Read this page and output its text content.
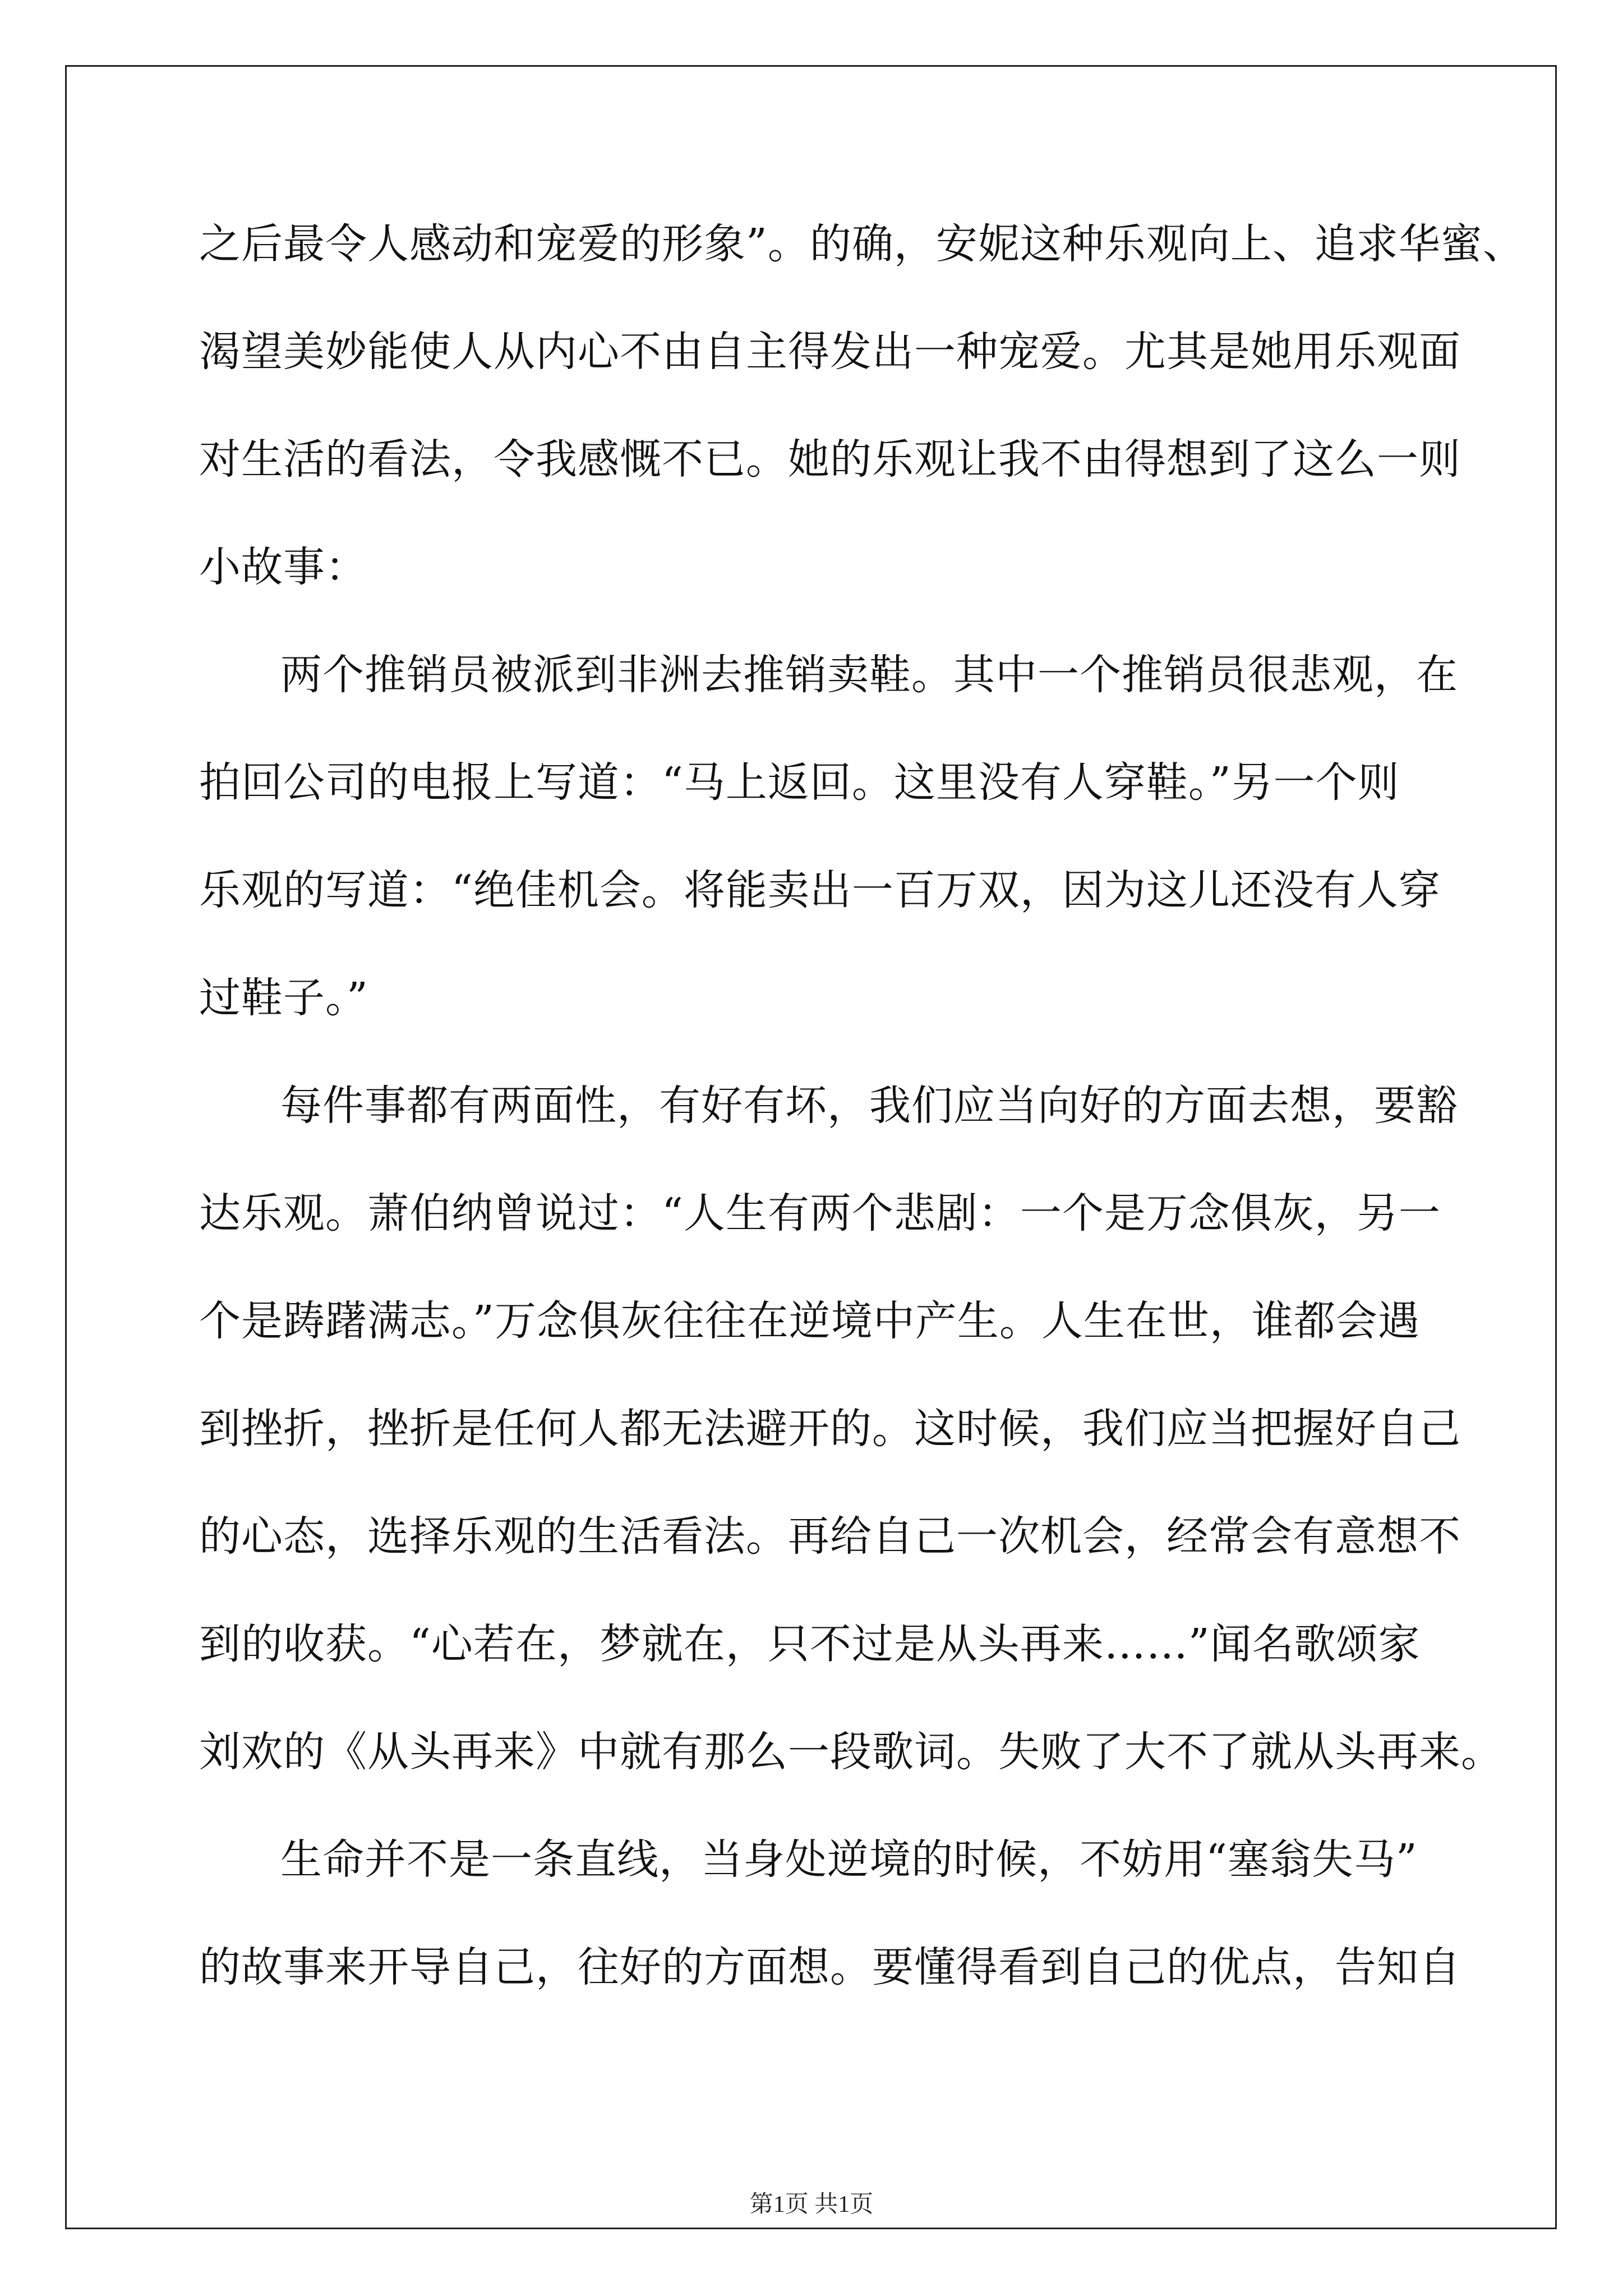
之后最令人感动和宠爱的形象”。的确，安妮这种乐观向上、追求华蜜、
渴望美妙能使人从内心不由自主得发出一种宠爱。尤其是她用乐观面
对生活的看法，令我感慨不已。她的乐观让我不由得想到了这么一则
小故事：
两个推销员被派到非洲去推销卖鞋。其中一个推销员很悲观，在
拍回公司的电报上写道：“马上返回。这里没有人穿鞋。”另一个则
乐观的写道：“绝佳机会。将能卖出一百万双，因为这儿还没有人穿
过鞋子。”
每件事都有两面性，有好有坏，我们应当向好的方面去想，要豁
达乐观。萧伯纳曾说过：“人生有两个悲剧：一个是万念俱灰，另一
个是踌躇满志。”万念俱灰往往在逆境中产生。人生在世，谁都会遇
到挫折，挫折是任何人都无法避开的。这时候，我们应当把握好自己
的心态，选择乐观的生活看法。再给自己一次机会，经常会有意想不
到的收获。“心若在，梦就在，只不过是从头再来……”闻名歌颂家
刘欢的《从头再来》中就有那么一段歌词。失败了大不了就从头再来。
生命并不是一条直线，当身处逆境的时候，不妨用“塞翁失马”
的故事来开导自己，往好的方面想。要懂得看到自己的优点，告知自
第1页 共1页
